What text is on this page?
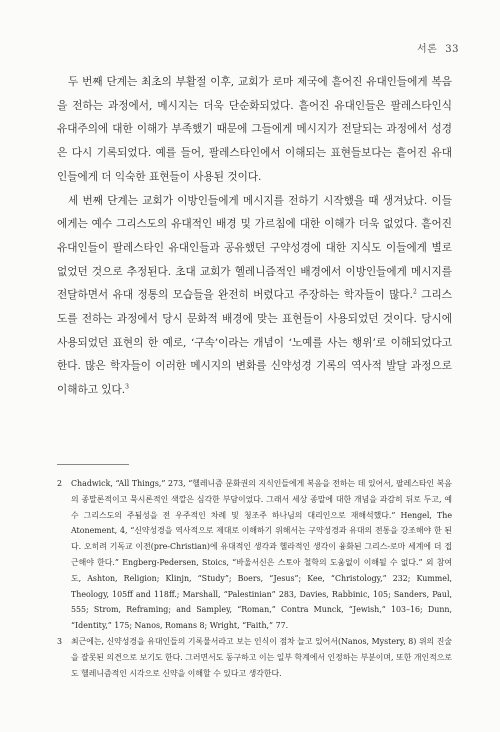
서론 33

두 번째 단계는 최초의 부활절 이후, 교회가 로마 제국에 흩어진 유대인들에게 복음을 전하는 과정에서, 메시지는 더욱 단순화되었다. 흩어진 유대인들은 팔레스타인식 유대주의에 대한 이해가 부족했기 때문에 그들에게 메시지가 전달되는 과정에서 성경은 다시 기록되었다. 예를 들어, 팔레스타인에서 이해되는 표현들보다는 흩어진 유대인들에게 더 익숙한 표현들이 사용된 것이다.

세 번째 단계는 교회가 이방인들에게 메시지를 전하기 시작했을 때 생겨났다. 이들에게는 예수 그리스도의 유대적인 배경 및 가르침에 대한 이해가 더욱 없었다. 흩어진 유대인들이 팔레스타인 유대인들과 공유했던 구약성경에 대한 지식도 이들에게 별로 없었던 것으로 추정된다. 초대 교회가 헬레니즘적인 배경에서 이방인들에게 메시지를 전달하면서 유대 정통의 모습들을 완전히 버렸다고 주장하는 학자들이 많다.$^2$ 그리스도를 전하는 과정에서 당시 문화적 배경에 맞는 표현들이 사용되었던 것이다. 당시에 사용되었던 표현의 한 예로, ‘구속’이라는 개념이 ‘노예를 사는 행위’로 이해되었다고 한다. 많은 학자들이 이러한 메시지의 변화를 신약성경 기록의 역사적 발달 과정으로 이해하고 있다.$^3$

2 Chadwick, “All Things,” 273, “헬레니즘 문화권의 지식인들에게 복음을 전하는 데 있어서, 팔레스타인 복음의 종말론적이고 묵시론적인 색깔은 심각한 부담이었다. 그래서 세상 종말에 대한 개념을 과감히 뒤로 두고, 예수 그리스도의 주됨성을 전 우주적인 차례 및 청조주 하나님의 대리인으로 재해석했다.” Hengel, The Atonement, 4, “신약성경을 역사적으로 제대로 이해하기 위해서는 구약성경과 유대의 전통을 강조해야 한 된다. 오히려 기독교 이전(pre-Christian)에 유대적인 생각과 헬라적인 생각이 융화된 그리스-로마 세계에 더 접근해야 한다.” Engberg-Pedersen, Stoics, “바울서신은 스토아 철학의 도움없이 이해될 수 없다.” 외 참여도, Ashton, Religion; Klinjn, “Study”; Boers, “Jesus”; Kee, “Christology,” 232; Kummel, Theology, 105ff and 118ff.; Marshall, “Palestinian” 283, Davies, Rabbinic, 105; Sanders, Paul, 555; Strom, Reframing; and Sampley, “Roman,” Contra Munck, “Jewish,” 103–16; Dunn, “Identity,” 175; Nanos, Romans 8; Wright, “Faith,” 77.

3 최근에는, 신약성경을 유대인들의 기록물서라고 보는 인식이 점차 늘고 있어서(Nanos, Mystery, 8) 위의 진술을 잘못된 의견으로 보기도 한다. 그러면서도 동구하고 이는 일부 학계에서 인정하는 부분이며, 또한 개인적으로도 헬레니즘적인 시각으로 신약을 이해할 수 있다고 생각한다.
